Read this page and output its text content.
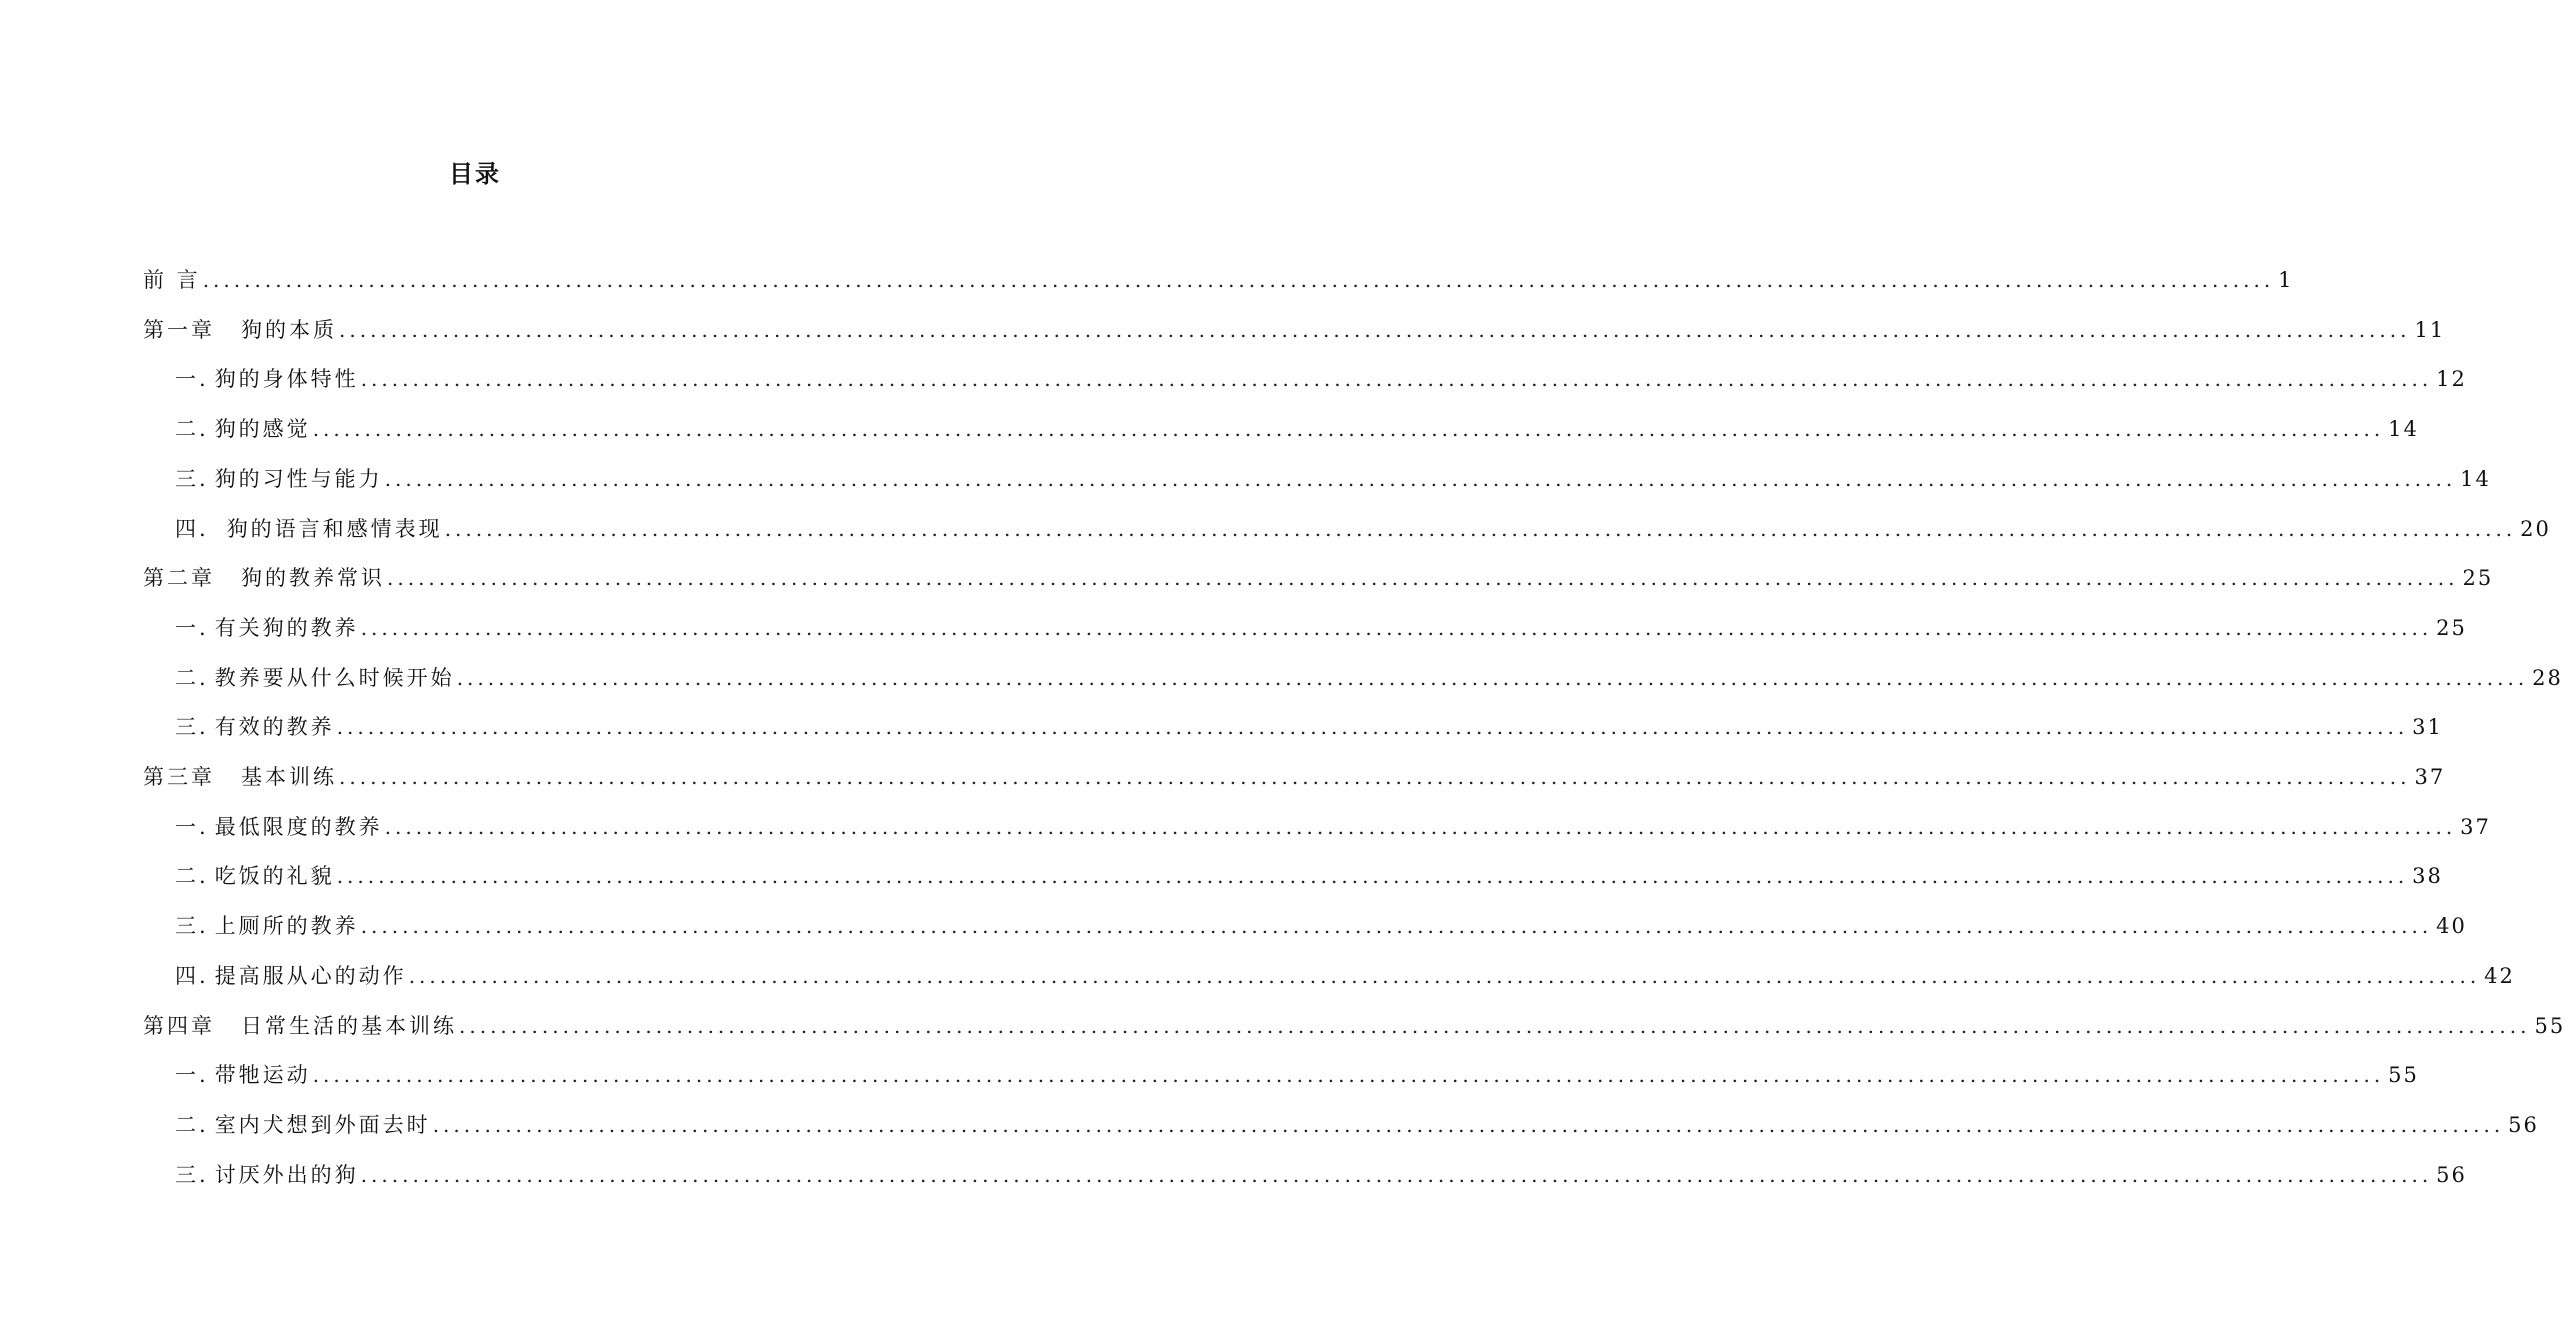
目录
前 言 ........................................................................................................................................................................................................ 1
第一章 狗的本质 ........................................................................................................................................................................................................ 11
一. 狗的身体特性 ........................................................................................................................................................................................................ 12
二. 狗的感觉 ........................................................................................................................................................................................................ 14
三. 狗的习性与能力 ........................................................................................................................................................................................................ 14
四. 狗的语言和感情表现 ........................................................................................................................................................................................................ 20
第二章 狗的教养常识 ........................................................................................................................................................................................................ 25
一. 有关狗的教养 ........................................................................................................................................................................................................ 25
二. 教养要从什么时候开始 ........................................................................................................................................................................................................ 28
三. 有效的教养 ........................................................................................................................................................................................................ 31
第三章 基本训练 ........................................................................................................................................................................................................ 37
一. 最低限度的教养 ........................................................................................................................................................................................................ 37
二. 吃饭的礼貌 ........................................................................................................................................................................................................ 38
三. 上厕所的教养 ........................................................................................................................................................................................................ 40
四. 提高服从心的动作 ........................................................................................................................................................................................................ 42
第四章 日常生活的基本训练 ........................................................................................................................................................................................................ 55
一. 带牠运动 ........................................................................................................................................................................................................ 55
二. 室内犬想到外面去时 ........................................................................................................................................................................................................ 56
三. 讨厌外出的狗 ........................................................................................................................................................................................................ 56
